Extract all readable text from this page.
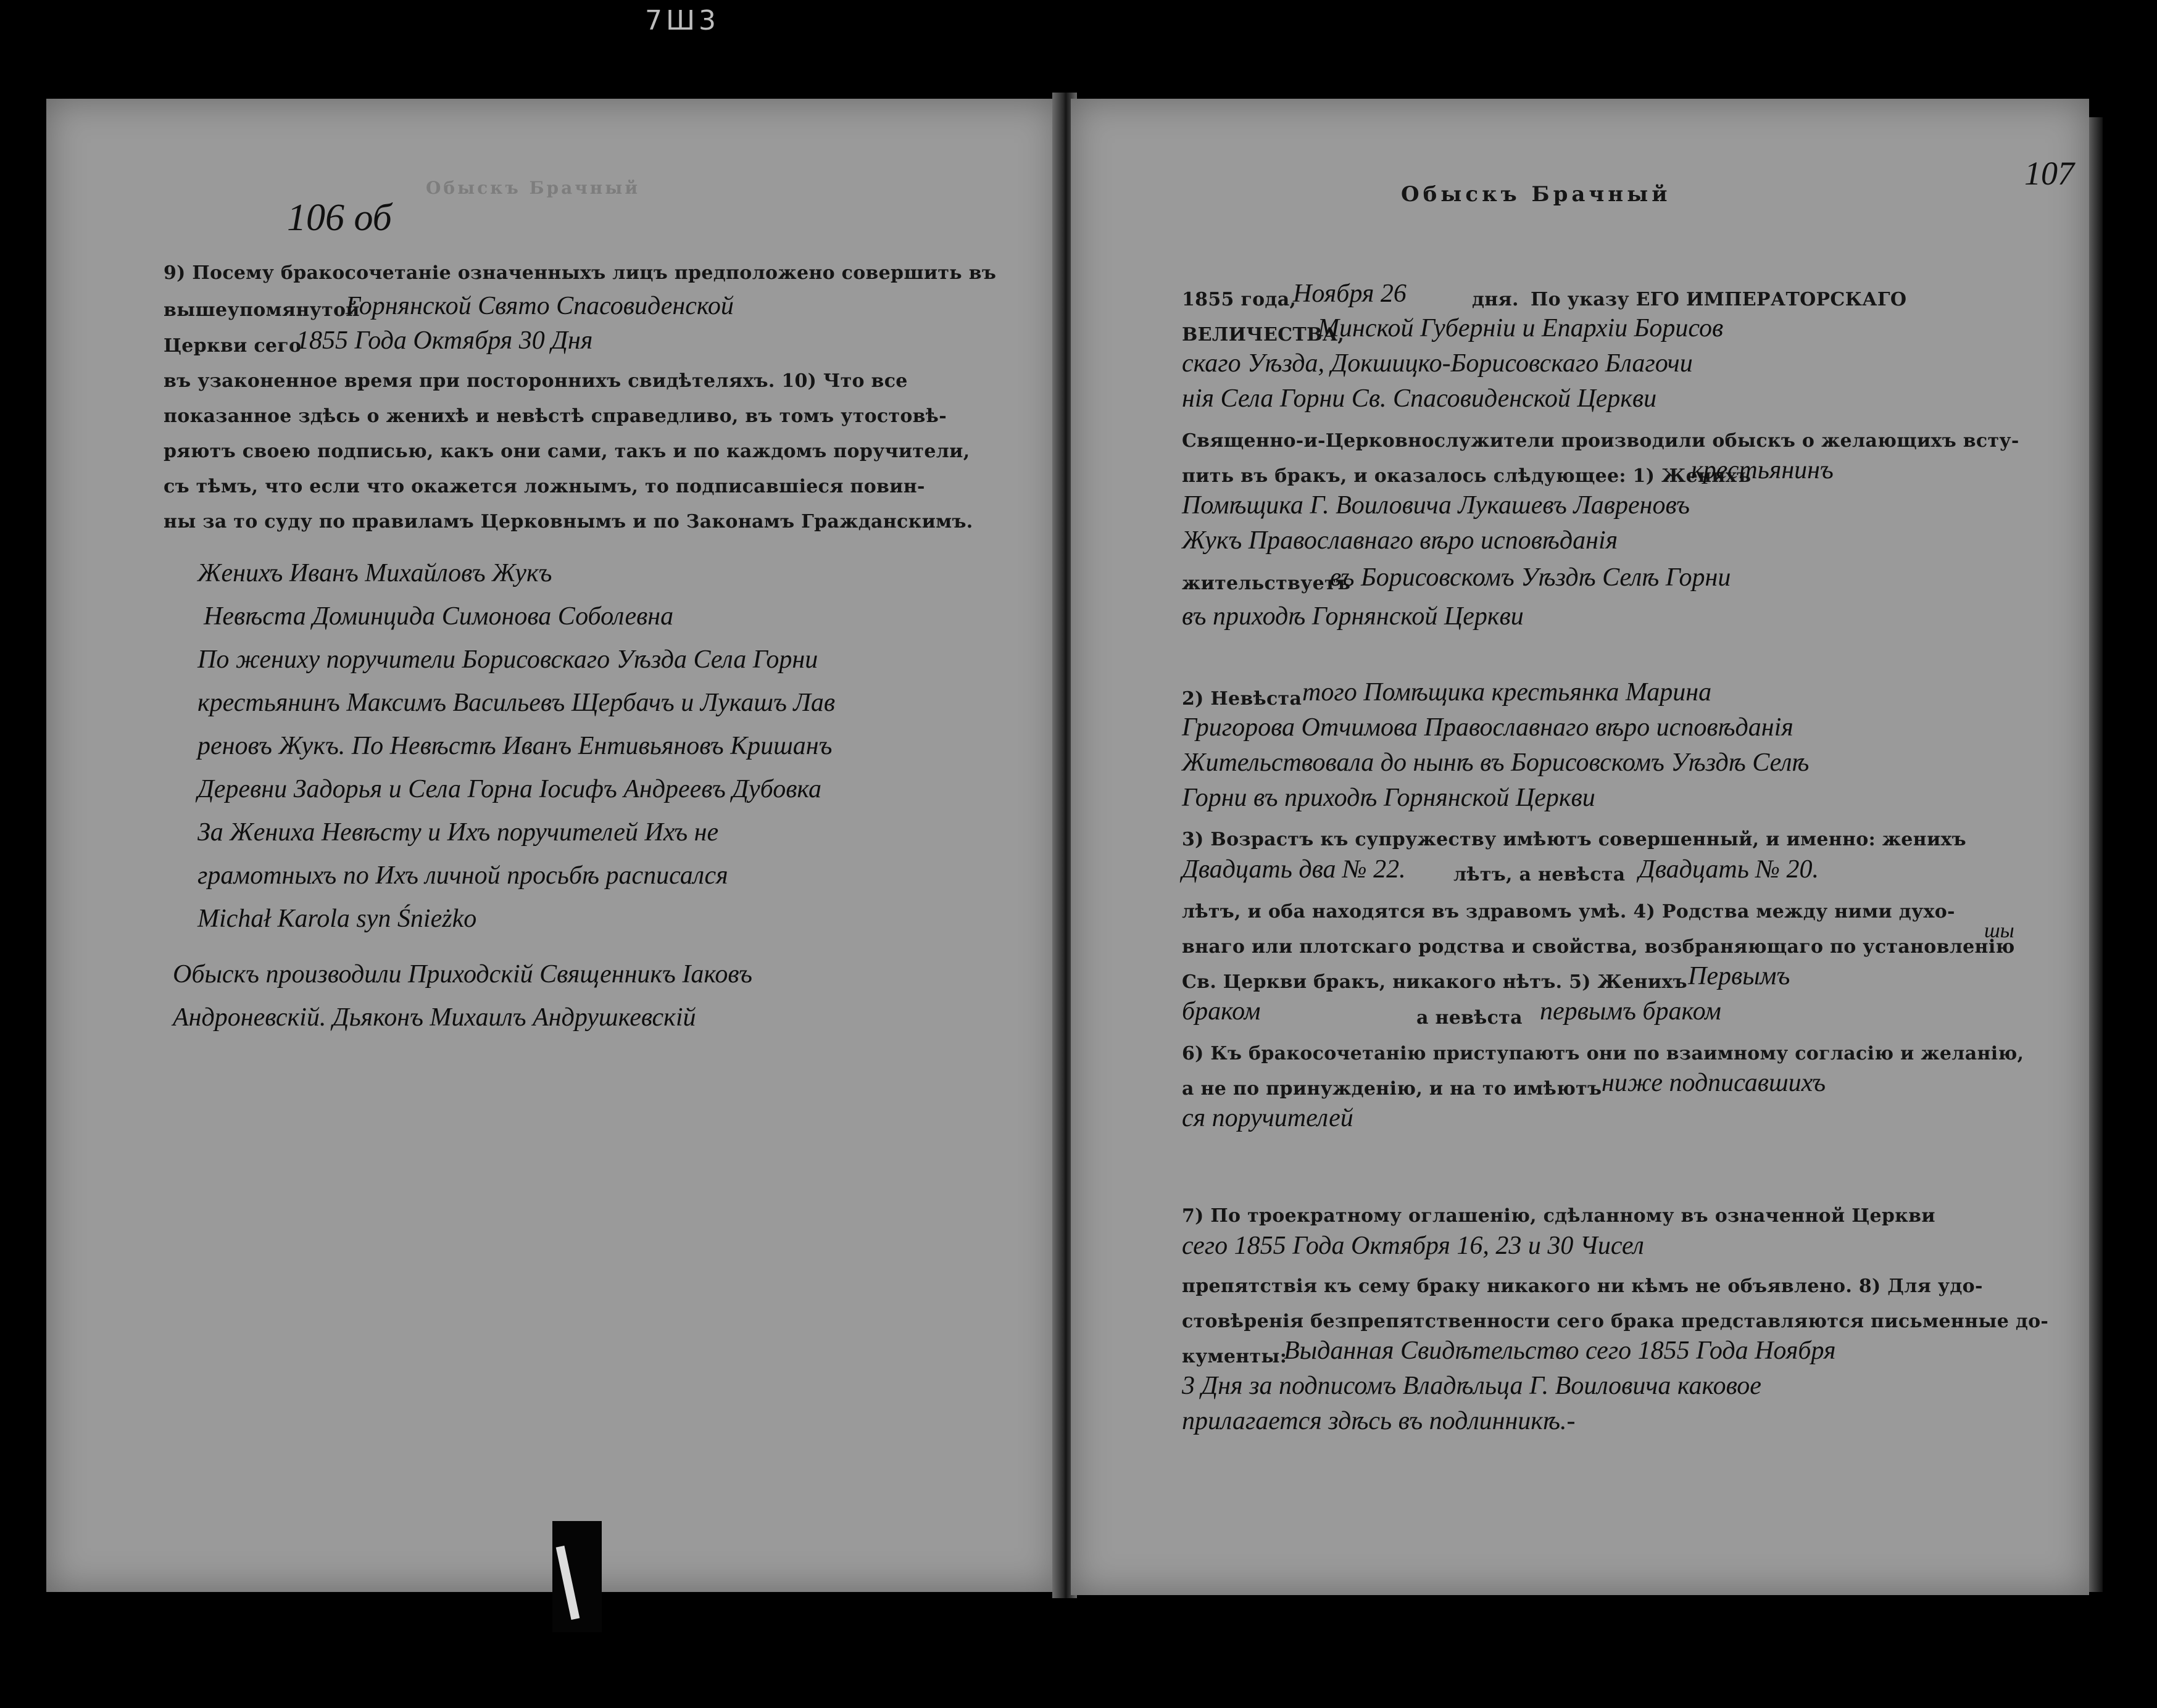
7Ш3
Обыскъ Брачный
106 об
9) Посему бракосочетаніе означенныхъ лицъ предположено совершить въ
вышеупомянутой
Горнянской Свято Спасовиденской
Церкви сего
1855 Года Октября 30 Дня
въ узаконенное время при постороннихъ свидѣтеляхъ. 10) Что все
показанное здѣсь о женихѣ и невѣстѣ справедливо, въ томъ утостовѣ-
ряютъ своею подписью, какъ они сами, такъ и по каждомъ поручители,
съ тѣмъ, что если что окажется ложнымъ, то подписавшіеся повин-
ны за то суду по правиламъ Церковнымъ и по Законамъ Гражданскимъ.
Женихъ Иванъ Михайловъ Жукъ
Невѣста Доминцида Симонова Соболевна
По жениху поручители Борисовскаго Уѣзда Села Горни
крестьянинъ Максимъ Васильевъ Щербачъ и Лукашъ Лав
реновъ Жукъ. По Невѣстѣ Иванъ Ентивьяновъ Кришанъ
Деревни Задорья и Села Горна Іосифъ Андреевъ Дубовка
За Жениха Невѣсту и Ихъ поручителей Ихъ не
грамотныхъ по Ихъ личной просьбѣ расписался
Michał Karola syn Śnieżko
Обыскъ производили Приходскій Священникъ Іаковъ
Андроневскій. Дьяконъ Михаилъ Андрушкевскій
Обыскъ Брачный
107
1855 года,
Ноября 26	дня. По указу ЕГО ИМПЕРАТОРСКАГО
ВЕЛИЧЕСТВА,
Минской Губерніи и Епархіи Борисов
скаго Уѣзда, Докшицко-Борисовскаго Благочи
нія Села Горни Св. Спасовиденской Церкви
Священно-и-Церковнослужители производили обыскъ о желающихъ всту-
пить въ бракъ, и оказалось слѣдующее: 1) Женихъ
крестьянинъ
Помѣщика Г. Воиловича Лукашевъ Лавреновъ
Жукъ Православнаго вѣро исповѣданія
жительствуетъ
въ Борисовскомъ Уѣздѣ Селѣ Горни
въ приходѣ Горнянской Церкви
2) Невѣста того Помѣщика крестьянка Марина
Григорова Отчимова Православнаго вѣро исповѣданія
Жительствовала до нынѣ въ Борисовскомъ Уѣздѣ Селѣ
Горни въ приходѣ Горнянской Церкви
3) Возрастъ къ супружеству имѣютъ совершенный, и именно: женихъ
Двадцать два № 22.	лѣтъ, а невѣста Двадцать № 20.
лѣтъ, и оба находятся въ здравомъ умѣ. 4) Родства между ними духо-
шы
внаго или плотскаго родства и свойства, возбраняющаго по установленію
Св. Церкви бракъ, никакого нѣтъ. 5) Женихъ Первымъ
браком	а невѣста первымъ браком
6) Къ бракосочетанію приступаютъ они по взаимному согласію и желанію,
а не по принужденію, и на то имѣютъ ниже подписавшихъ
ся поручителей
7) По троекратному оглашенію, сдѣланному въ означенной Церкви
сего 1855 Года Октября 16, 23 и 30 Чисел
препятствія къ сему браку никакого ни кѣмъ не объявлено. 8) Для удо-
стовѣренія безпрепятственности сего брака представляются письменные до-
кументы:
Выданная Свидѣтельство сего 1855 Года Ноября
3 Дня за подписомъ Владѣльца Г. Воиловича каковое
прилагается здѣсь въ подлинникѣ.-
